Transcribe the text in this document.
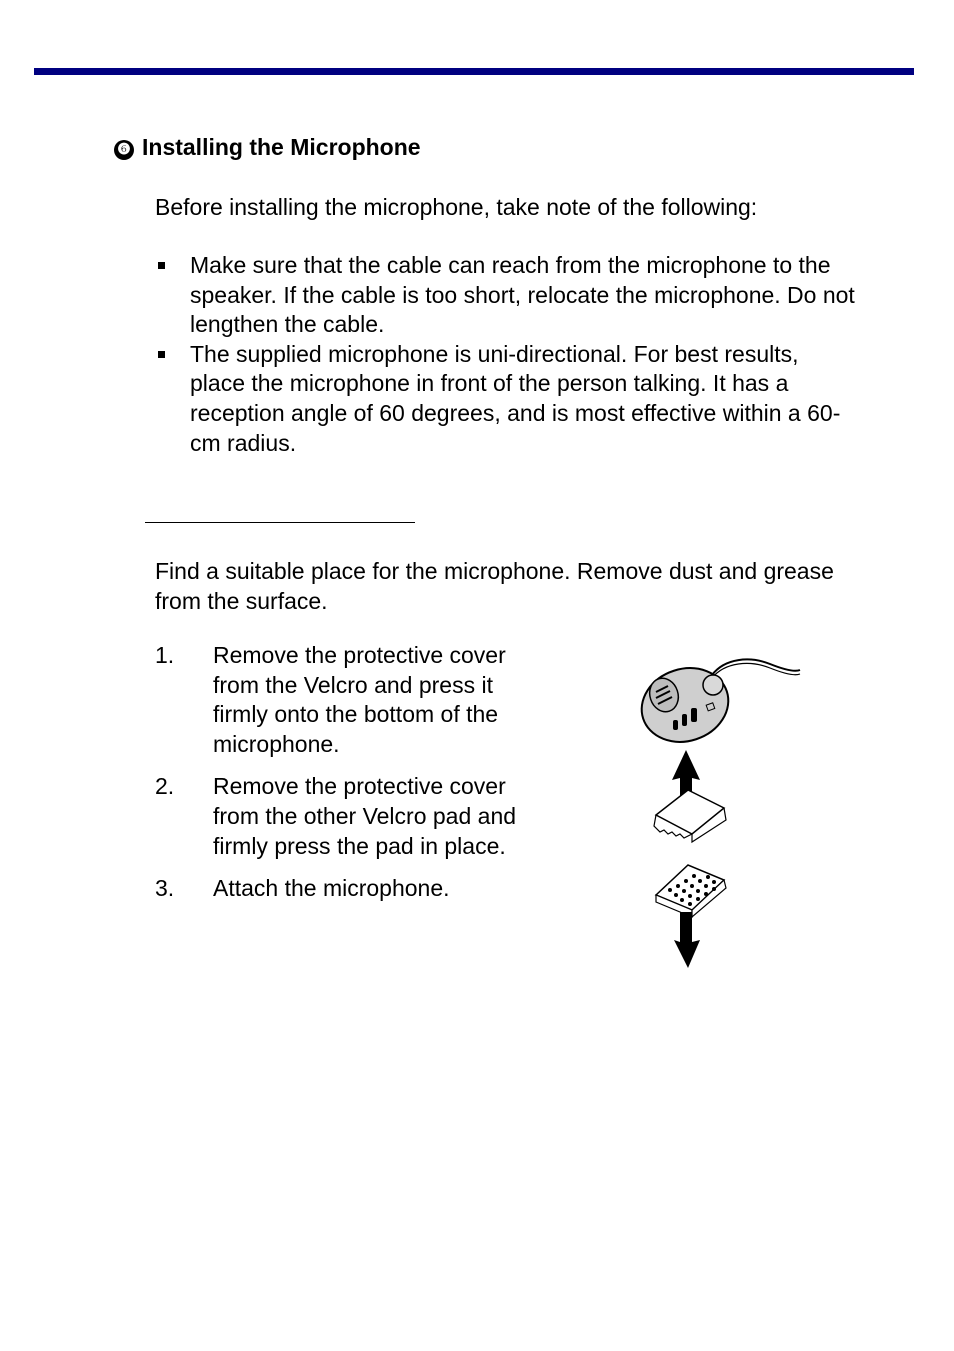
❻ Installing the Microphone
Before installing the microphone, take note of the following:
Make sure that the cable can reach from the microphone to the speaker. If the cable is too short, relocate the microphone. Do not lengthen the cable.
The supplied microphone is uni-directional. For best results, place the microphone in front of the person talking. It has a reception angle of 60 degrees, and is most effective within a 60-cm radius.
Find a suitable place for the microphone. Remove dust and grease from the surface.
1. Remove the protective cover from the Velcro and press it firmly onto the bottom of the microphone.
2. Remove the protective cover from the other Velcro pad and firmly press the pad in place.
3. Attach the microphone.
